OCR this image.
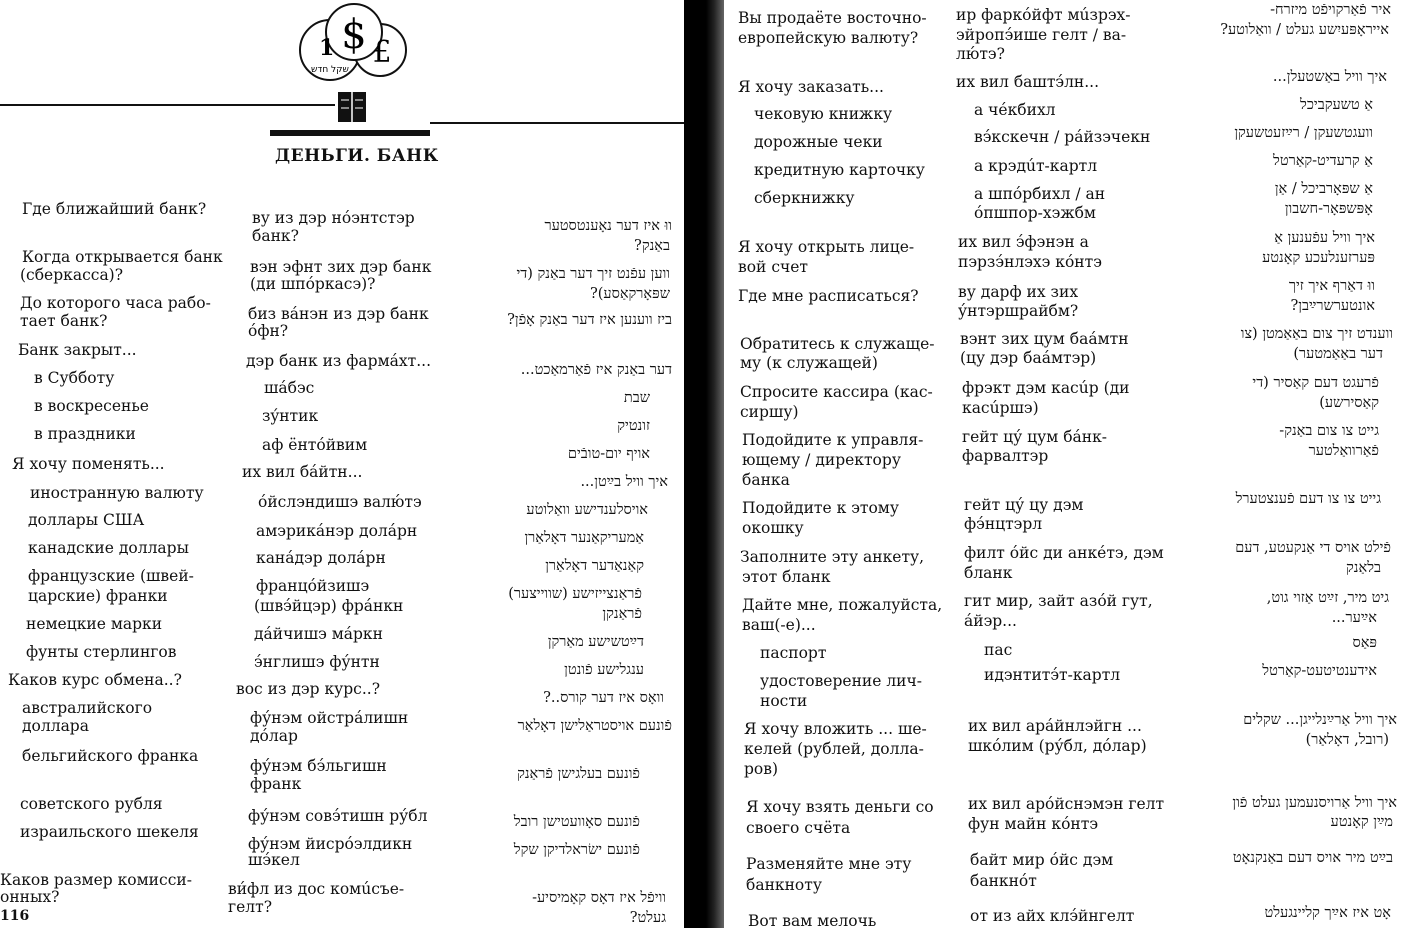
1
שקל חדש
$ £
ДЕНЬГИ. БАНК
Где ближайший банк?
Когда открывается банк
(сберкасса)?
До которого часа рабо-
тает банк?
Банк закрыт...
в Субботу
в воскресенье
в праздники
Я хочу поменять...
иностранную валюту
доллары США
канадские доллары
французские (швей-
царские) франки
немецкие марки
фунты стерлингов
Каков курс обмена..?
австралийского
доллара
бельгийского франка
советского рубля
израильского шекеля
Каков размер комисси-
онных?
ву из дэр нóэнтстэр
банк?
вэн эфнт зих дэр банк
(ди шпóркасэ)?
биз вáнэн из дэр банк
óфн?
дэр банк из фармáхт...
шáбэс
зýнтик
аф ёнтóйвим
их вил бáйтн...
óйслэндишэ валю́тэ
амэрикáнэр долáрн
канáдэр долáрн
францóйзишэ
(швэ́йцэр) фрáнкн
дáйчишэ мáркн
э́нглишэ фу́нтн
вос из дэр курс..?
фу́нэм ойстрáлишн
дóлар
фу́нэм бэ́льгишн
франк
фу́нэм совэ́тишн ру́бл
фу́нэм йисрóэлдикн
шэ́кел
ви́фл из дос комúсъе-
гелт?
ווּ איז דער נאָענטסטער
באַנק?
ווען עפֿנט זיך דער באַנק (די
שפּאָרקאַסע)?
ביז ווענען איז דער באַנק אָפֿן?
דער באַנק איז פֿאַרמאַכט...
שבת
זונטיק
אויף יום-טובֿים
איך וויל בײַטן...
אויסלענדישע וואַלוטע
אַמעריקאַנער דאָלאַרן
קאַנאַדער דאָלאַרן
פֿראַנצייזישע (שווייצער)
פֿראַנקן
דײַטשישע מאַרקן
ענגלישע פֿונטן
וואָס איז דער קורס..?
פֿונעם אויסטראַלישן דאָלאַר
פֿונעם בעלגישן פֿראַנק
פֿונעם סאָוועטישן רובל
פֿונעם ישׂראלדיקן שקל
וויפֿל איז דאָס קאָמיסיע-
געלט?
116
Вы продаёте восточно-
европейскую валюту?
Я хочу заказать...
чековую книжку
дорожные чеки
кредитную карточку
сберкнижку
Я хочу открыть лице-
вой счет
Где мне расписаться?
Обратитесь к служаще-
му (к служащей)
Спросите кассира (кас-
сиршу)
Подойдите к управля-
ющему / директору
банка
Подойдите к этому
окошку
Заполните эту анкету,
этот бланк
Дайте мне, пожалуйста,
ваш(-е)...
паспорт
удостоверение лич-
ности
Я хочу вложить ... ше-
келей (рублей, долла-
ров)
Я хочу взять деньги со
своего счёта
Разменяйте мне эту
банкноту
Вот вам мелочь
ир фаркóйфт мúзрэх-
эйропэ́ише гелт / ва-
лю́тэ?
их вил баштэ́лн...
а чéкбихл
вэ́кскечн / рáйзэчекн
а крэдúт-картл
а шпóрбихл / ан
óпшпор-хэжбм
их вил э́фэнэн а
пэрзэ́нлэхэ кóнтэ
ву дарф их зих
у́нтэршрайбм?
вэнт зих цум баáмтн
(цу дэр баáмтэр)
фрэкт дэм касúр (ди
касúршэ)
гейт цу́ цум бáнк-
фарвалтэр
гейт цу́ цу дэм
фэ́нцтэрл
филт óйс ди анкéтэ, дэм
бланк
гит мир, зайт азóй гут,
áйэр...
пас
идэнтитэ́т-картл
их вил арáйнлэйгн ...
шкóлим (ру́бл, дóлар)
их вил арóйснэмэн гелт
фун майн кóнтэ
байт мир óйс дэм
банкнóт
от из айх клэ́йнгелт
איר פֿאַרקויפֿט מיזרח-
אייראָפּעיִשע געלט / וואַלוטע?
איך וויל באַשטעלן...
אַ טשעקביכל
וועגטשעקן / רײַזעטשעקן
אַ קרעדיט-קאַרטל
אַ שפּאָרביכל / אַן
אָפּשפּאָר-חשבון
איך וויל עפֿענען אַ
פּערזענלעכע קאָנטע
ווּ דאַרף איך זיך
אונטערשרײַבן?
ווענדט זיך צום באַאַמטן (צו
דער באַאַמטער)
פֿרעגט דעם קאַסיר (די
קאַסירשע)
גייט צו צום באַנק-
פֿאַרוואַלטער
גייט צו צו דעם פֿענצטערל
פֿילט אויס די אַנקעטע, דעם
בלאַנק
גיט מיר, זײַט אַזוי גוט,
אײַער...
פּאַס
אידענטיטעט-קאַרטל
איך וויל אַרײַנלייגן... שקלים
(רובל, דאָלאַר)
איך וויל אַרויסנעמען געלט פֿון
מײַן קאָנטע
בײַט מיר אויס דעם באַנקנאָט
אָט איז אײַך קליינגעלט
